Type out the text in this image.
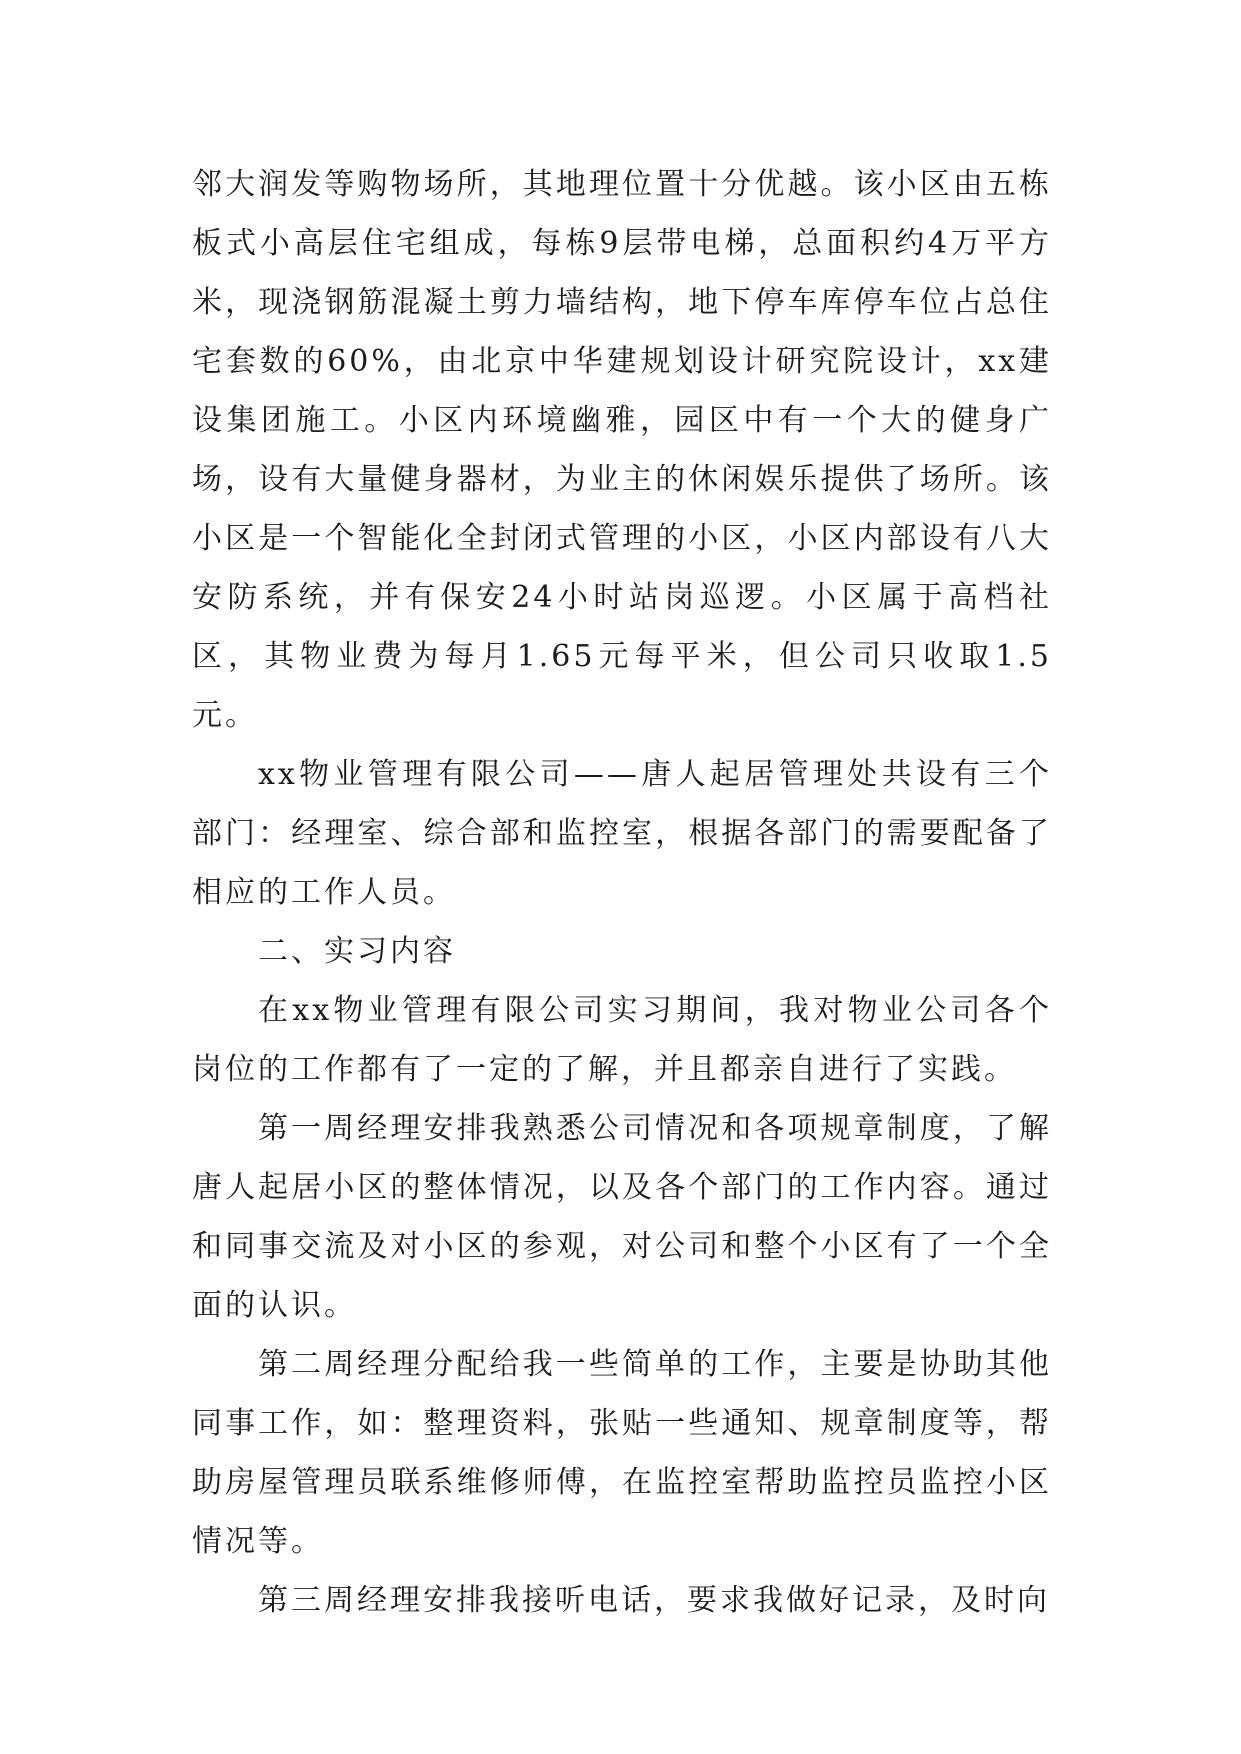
邻大润发等购物场所，其地理位置十分优越。该小区由五栋板式小高层住宅组成，每栋9层带电梯，总面积约4万平方米，现浇钢筋混凝土剪力墙结构，地下停车库停车位占总住宅套数的60%，由北京中华建规划设计研究院设计，xx建设集团施工。小区内环境幽雅，园区中有一个大的健身广场，设有大量健身器材，为业主的休闲娱乐提供了场所。该小区是一个智能化全封闭式管理的小区，小区内部设有八大安防系统，并有保安24小时站岗巡逻。小区属于高档社区，其物业费为每月1.65元每平米，但公司只收取1.5元。

xx物业管理有限公司——唐人起居管理处共设有三个部门：经理室、综合部和监控室，根据各部门的需要配备了相应的工作人员。

二、实习内容

在xx物业管理有限公司实习期间，我对物业公司各个岗位的工作都有了一定的了解，并且都亲自进行了实践。

第一周经理安排我熟悉公司情况和各项规章制度，了解唐人起居小区的整体情况，以及各个部门的工作内容。通过和同事交流及对小区的参观，对公司和整个小区有了一个全面的认识。

第二周经理分配给我一些简单的工作，主要是协助其他同事工作，如：整理资料，张贴一些通知、规章制度等，帮助房屋管理员联系维修师傅，在监控室帮助监控员监控小区情况等。

第三周经理安排我接听电话，要求我做好记录，及时向
